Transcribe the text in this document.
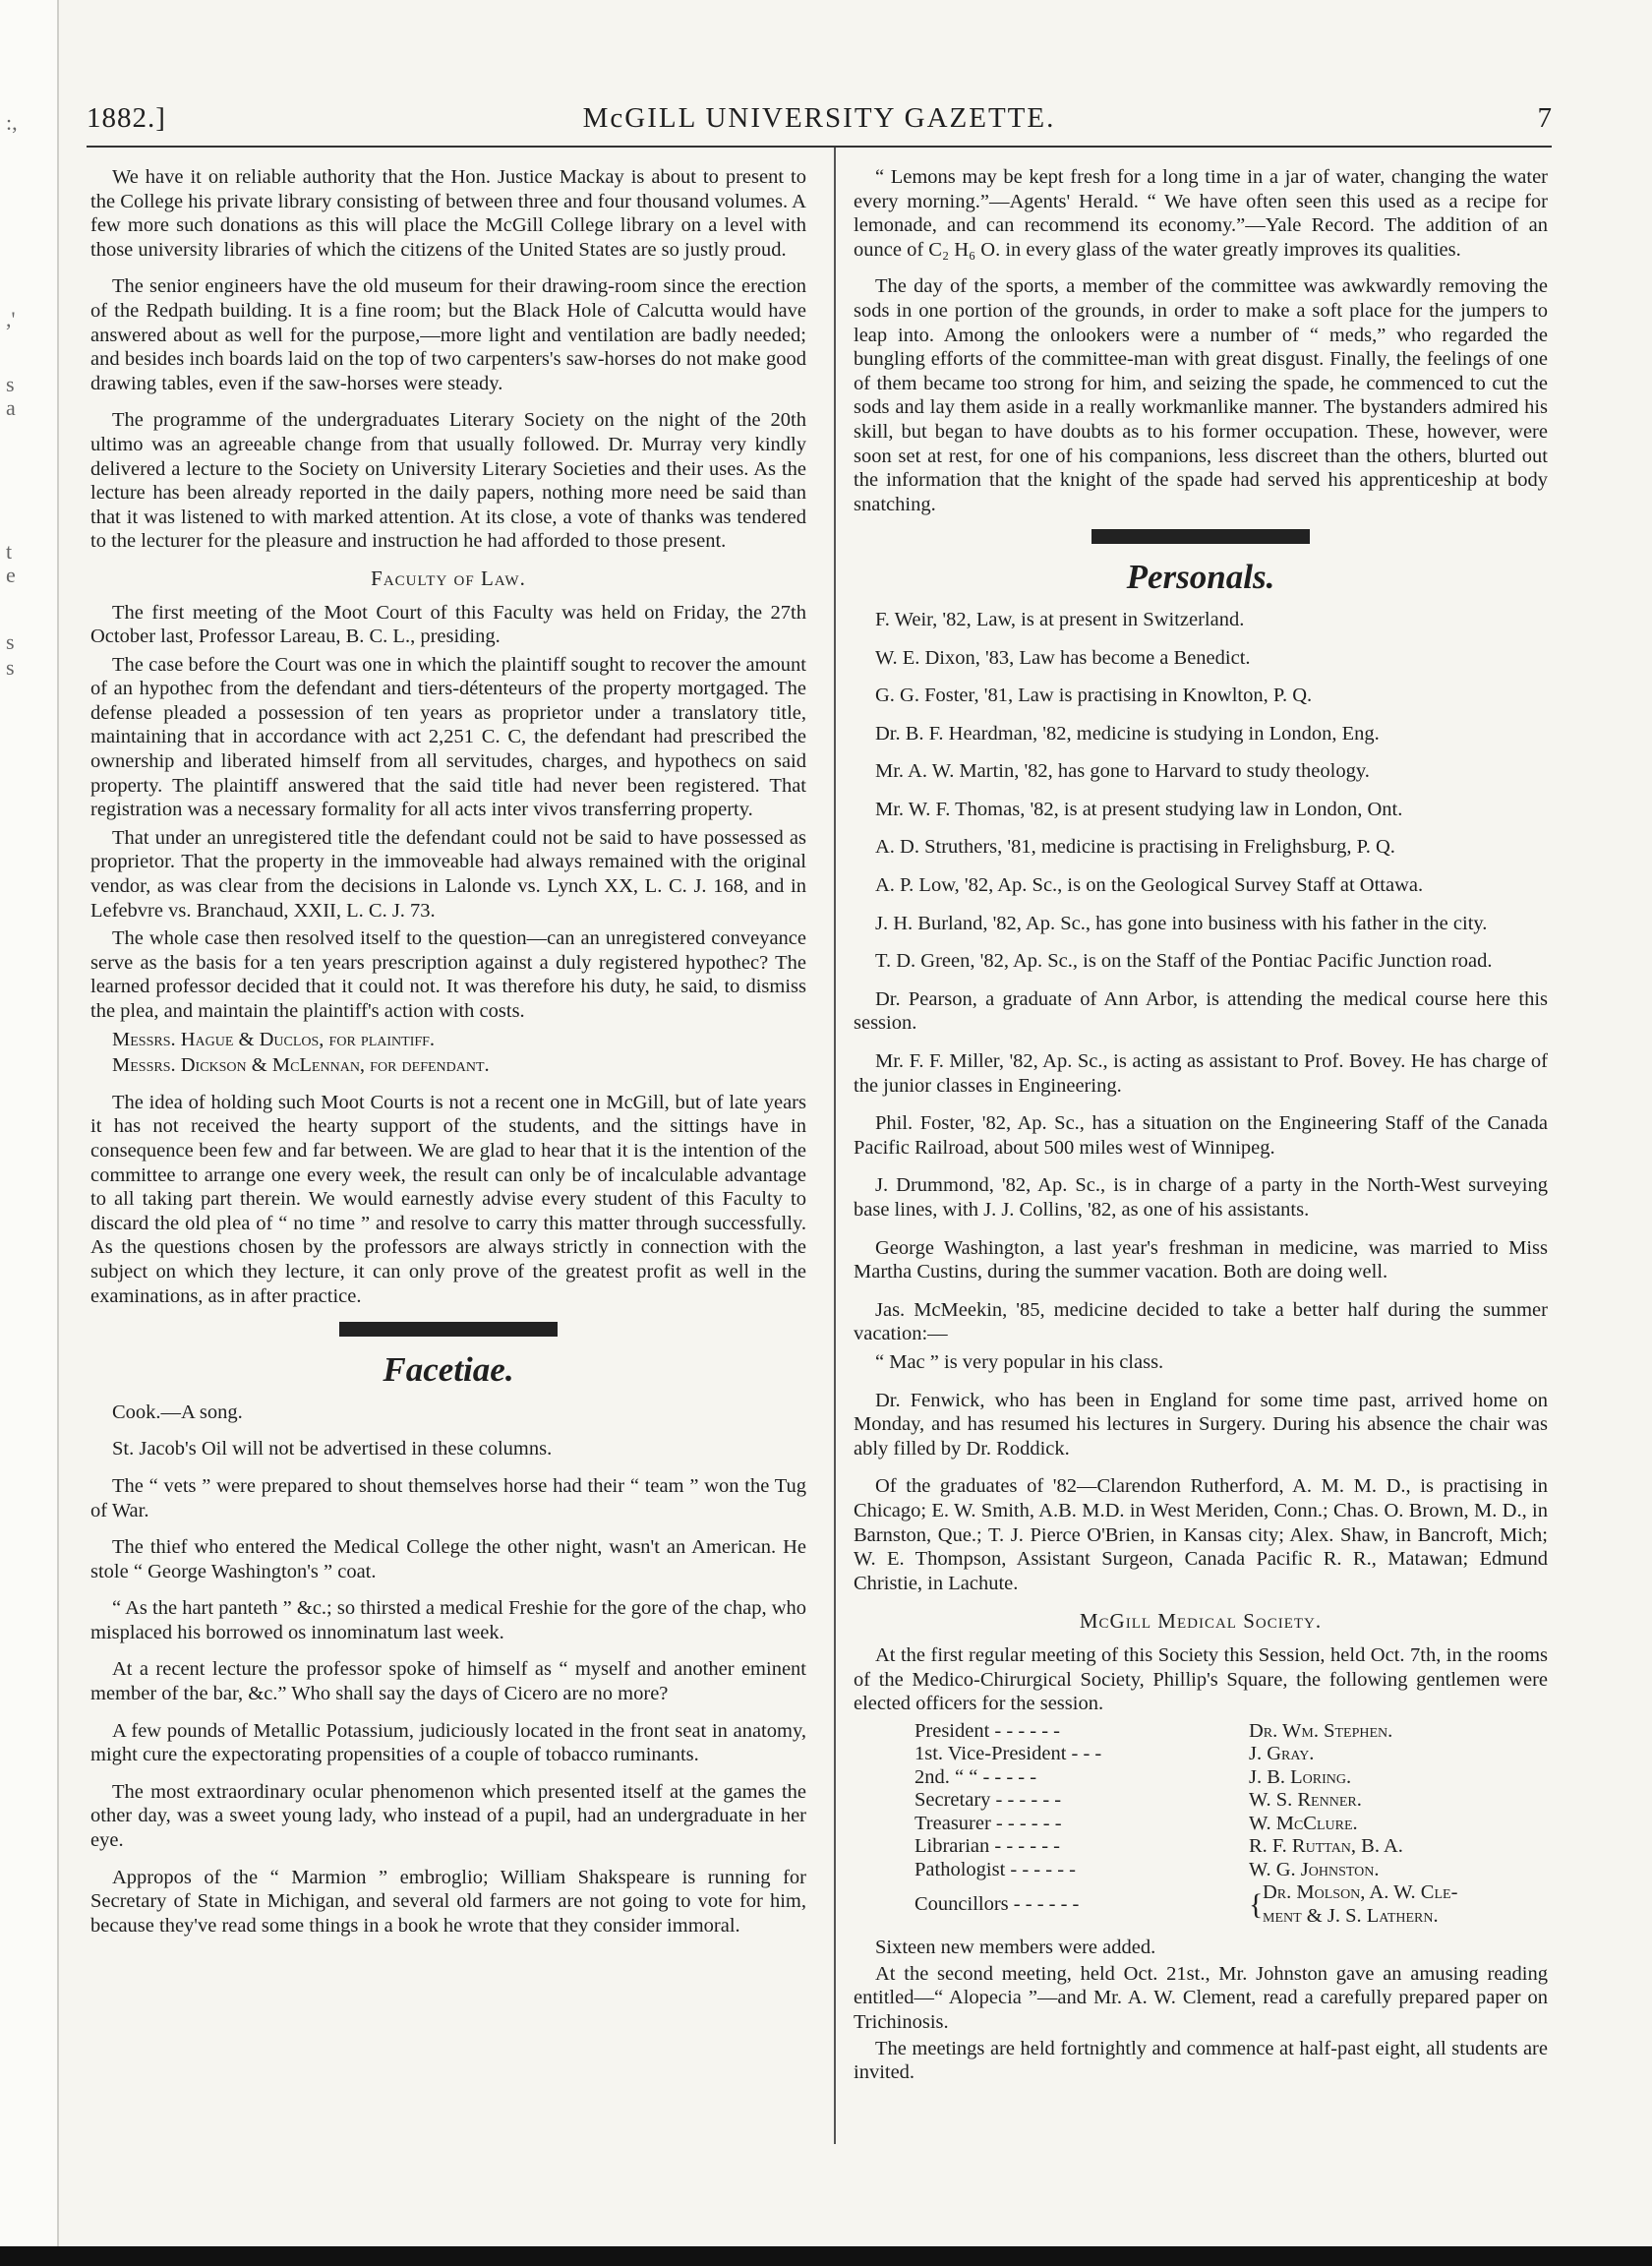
:,
,'
s
a
t
e
s
s
1882.]	McGILL UNIVERSITY GAZETTE.	7

We have it on reliable authority that the Hon. Justice Mackay is about to present to the College his private library consisting of between three and four thousand volumes. A few more such donations as this will place the McGill College library on a level with those university libraries of which the citizens of the United States are so justly proud.

The senior engineers have the old museum for their drawing-room since the erection of the Redpath building. It is a fine room; but the Black Hole of Calcutta would have answered about as well for the purpose,—more light and ventilation are badly needed; and besides inch boards laid on the top of two carpenters's saw-horses do not make good drawing tables, even if the saw-horses were steady.

The programme of the undergraduates Literary Society on the night of the 20th ultimo was an agreeable change from that usually followed. Dr. Murray very kindly delivered a lecture to the Society on University Literary Societies and their uses. As the lecture has been already reported in the daily papers, nothing more need be said than that it was listened to with marked attention. At its close, a vote of thanks was tendered to the lecturer for the pleasure and instruction he had afforded to those present.

Faculty of Law.

The first meeting of the Moot Court of this Faculty was held on Friday, the 27th October last, Professor Lareau, B. C. L., presiding.

The case before the Court was one in which the plaintiff sought to recover the amount of an hypothec from the defendant and tiers-détenteurs of the property mortgaged. The defense pleaded a possession of ten years as proprietor under a translatory title, maintaining that in accordance with act 2,251 C. C, the defendant had prescribed the ownership and liberated himself from all servitudes, charges, and hypothecs on said property. The plaintiff answered that the said title had never been registered. That registration was a necessary formality for all acts inter vivos transferring property.

That under an unregistered title the defendant could not be said to have possessed as proprietor. That the property in the immoveable had always remained with the original vendor, as was clear from the decisions in Lalonde vs. Lynch XX, L. C. J. 168, and in Lefebvre vs. Branchaud, XXII, L. C. J. 73.

The whole case then resolved itself to the question—can an unregistered conveyance serve as the basis for a ten years prescription against a duly registered hypothec? The learned professor decided that it could not. It was therefore his duty, he said, to dismiss the plea, and maintain the plaintiff's action with costs.

Messrs. Hague & Duclos, for plaintiff.

Messrs. Dickson & McLennan, for defendant.

The idea of holding such Moot Courts is not a recent one in McGill, but of late years it has not received the hearty support of the students, and the sittings have in consequence been few and far between. We are glad to hear that it is the intention of the committee to arrange one every week, the result can only be of incalculable advantage to all taking part therein. We would earnestly advise every student of this Faculty to discard the old plea of “ no time ” and resolve to carry this matter through successfully. As the questions chosen by the professors are always strictly in connection with the subject on which they lecture, it can only prove of the greatest profit as well in the examinations, as in after practice.

Facetiae.

Cook.—A song.

St. Jacob's Oil will not be advertised in these columns.

The “ vets ” were prepared to shout themselves horse had their “ team ” won the Tug of War.

The thief who entered the Medical College the other night, wasn't an American. He stole “ George Washington's ” coat.

“ As the hart panteth ” &c.; so thirsted a medical Freshie for the gore of the chap, who misplaced his borrowed os innominatum last week.

At a recent lecture the professor spoke of himself as “ myself and another eminent member of the bar, &c.” Who shall say the days of Cicero are no more?

A few pounds of Metallic Potassium, judiciously located in the front seat in anatomy, might cure the expectorating propensities of a couple of tobacco ruminants.

The most extraordinary ocular phenomenon which presented itself at the games the other day, was a sweet young lady, who instead of a pupil, had an undergraduate in her eye.

Appropos of the “ Marmion ” embroglio; William Shakspeare is running for Secretary of State in Michigan, and several old farmers are not going to vote for him, because they've read some things in a book he wrote that they consider immoral.

“ Lemons may be kept fresh for a long time in a jar of water, changing the water every morning.”—Agents' Herald. “ We have often seen this used as a recipe for lemonade, and can recommend its economy.”—Yale Record. The addition of an ounce of C₂ H₆ O. in every glass of the water greatly improves its qualities.

The day of the sports, a member of the committee was awkwardly removing the sods in one portion of the grounds, in order to make a soft place for the jumpers to leap into. Among the onlookers were a number of “ meds,” who regarded the bungling efforts of the committee-man with great disgust. Finally, the feelings of one of them became too strong for him, and seizing the spade, he commenced to cut the sods and lay them aside in a really workmanlike manner. The bystanders admired his skill, but began to have doubts as to his former occupation. These, however, were soon set at rest, for one of his companions, less discreet than the others, blurted out the information that the knight of the spade had served his apprenticeship at body snatching.

Personals.

F. Weir, '82, Law, is at present in Switzerland.

W. E. Dixon, '83, Law has become a Benedict.

G. G. Foster, '81, Law is practising in Knowlton, P. Q.

Dr. B. F. Heardman, '82, medicine is studying in London, Eng.

Mr. A. W. Martin, '82, has gone to Harvard to study theology.

Mr. W. F. Thomas, '82, is at present studying law in London, Ont.

A. D. Struthers, '81, medicine is practising in Frelighsburg, P. Q.

A. P. Low, '82, Ap. Sc., is on the Geological Survey Staff at Ottawa.

J. H. Burland, '82, Ap. Sc., has gone into business with his father in the city.

T. D. Green, '82, Ap. Sc., is on the Staff of the Pontiac Pacific Junction road.

Dr. Pearson, a graduate of Ann Arbor, is attending the medical course here this session.

Mr. F. F. Miller, '82, Ap. Sc., is acting as assistant to Prof. Bovey. He has charge of the junior classes in Engineering.

Phil. Foster, '82, Ap. Sc., has a situation on the Engineering Staff of the Canada Pacific Railroad, about 500 miles west of Winnipeg.

J. Drummond, '82, Ap. Sc., is in charge of a party in the North-West surveying base lines, with J. J. Collins, '82, as one of his assistants.

George Washington, a last year's freshman in medicine, was married to Miss Martha Custins, during the summer vacation. Both are doing well.

Jas. McMeekin, '85, medicine decided to take a better half during the summer vacation:—

“ Mac ” is very popular in his class.

Dr. Fenwick, who has been in England for some time past, arrived home on Monday, and has resumed his lectures in Surgery. During his absence the chair was ably filled by Dr. Roddick.

Of the graduates of '82—Clarendon Rutherford, A. M. M. D., is practising in Chicago; E. W. Smith, A.B. M.D. in West Meriden, Conn.; Chas. O. Brown, M. D., in Barnston, Que.; T. J. Pierce O'Brien, in Kansas city; Alex. Shaw, in Bancroft, Mich; W. E. Thompson, Assistant Surgeon, Canada Pacific R. R., Matawan; Edmund Christie, in Lachute.

McGill Medical Society.

At the first regular meeting of this Society this Session, held Oct. 7th, in the rooms of the Medico-Chirurgical Society, Phillip's Square, the following gentlemen were elected officers for the session.

President - - - - - -	Dr. Wm. Stephen.
1st. Vice-President - - -	J. Gray.
2nd. “ “ - - - - -	J. B. Loring.
Secretary - - - - - -	W. S. Renner.
Treasurer - - - - - -	W. McClure.
Librarian - - - - - -	R. F. Ruttan, B. A.
Pathologist - - - - - -	W. G. Johnston.
Councillors - - - - - -	{ Dr. Molson, A. W. Cle-
ment & J. S. Lathern.

Sixteen new members were added.

At the second meeting, held Oct. 21st., Mr. Johnston gave an amusing reading entitled—“ Alopecia ”—and Mr. A. W. Clement, read a carefully prepared paper on Trichinosis.

The meetings are held fortnightly and commence at half-past eight, all students are invited.
